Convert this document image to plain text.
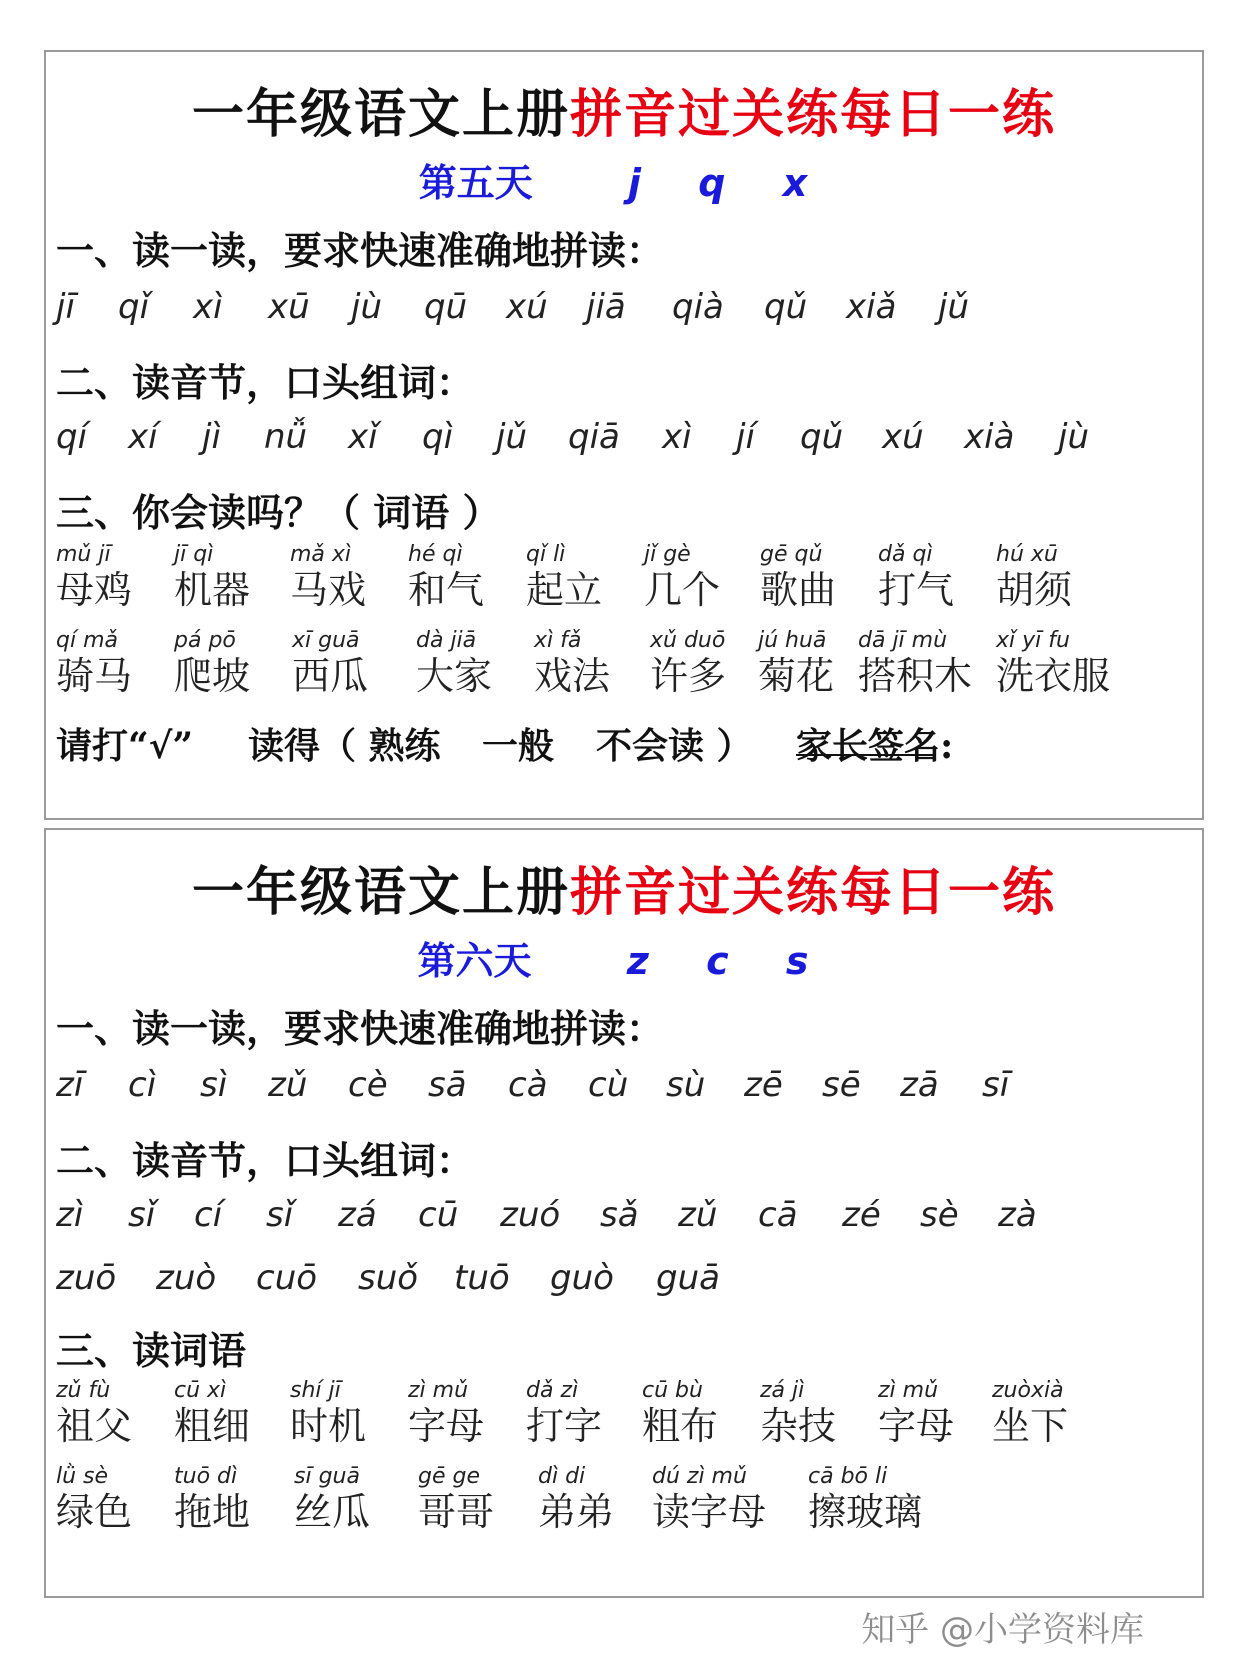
一年级语文上册拼音过关练每日一练
第五天	j q x
一、读一读，要求快速准确地拼读：
jī qǐ xì xū jù qū xú jiā qià qǔ xiǎ jǔ
二、读音节，口头组词：
qí xí jì nǚ xǐ qì jǔ qiā xì jí qǔ xú xià jù
三、你会读吗？（ 词语 ）
mǔ jī
母鸡
jī qì
机器
mǎ xì
马戏
hé qì
和气
qǐ lì
起立
jǐ gè
几个
gē qǔ
歌曲
dǎ qì
打气
hú xū
胡须
qí mǎ
骑马
pá pō
爬坡
xī guā
西瓜
dà jiā
大家
xì fǎ
戏法
xǔ duō
许多
jú huā
菊花
dā jī mù
搭积木
xǐ yī fu
洗衣服
请打“√” 读得（ 熟练 一般 不会读 ） 家长签名:
一年级语文上册拼音过关练每日一练
第六天	z c s
一、读一读，要求快速准确地拼读：
zī cì sì zǔ cè sā cà cù sù zē sē zā sī
二、读音节，口头组词：
zì sǐ cí sǐ zá cū zuó sǎ zǔ cā zé sè zà
zuō zuò cuō suǒ tuō guò guā
三、读词语
zǔ fù
祖父
cū xì
粗细
shí jī
时机
zì mǔ
字母
dǎ zì
打字
cū bù
粗布
zá jì
杂技
zì mǔ
字母
zuòxià
坐下
lǜ sè
绿色
tuō dì
拖地
sī guā
丝瓜
gē ge
哥哥
dì di
弟弟
dú zì mǔ
读字母
cā bō li
擦玻璃
知乎 @小学资料库
